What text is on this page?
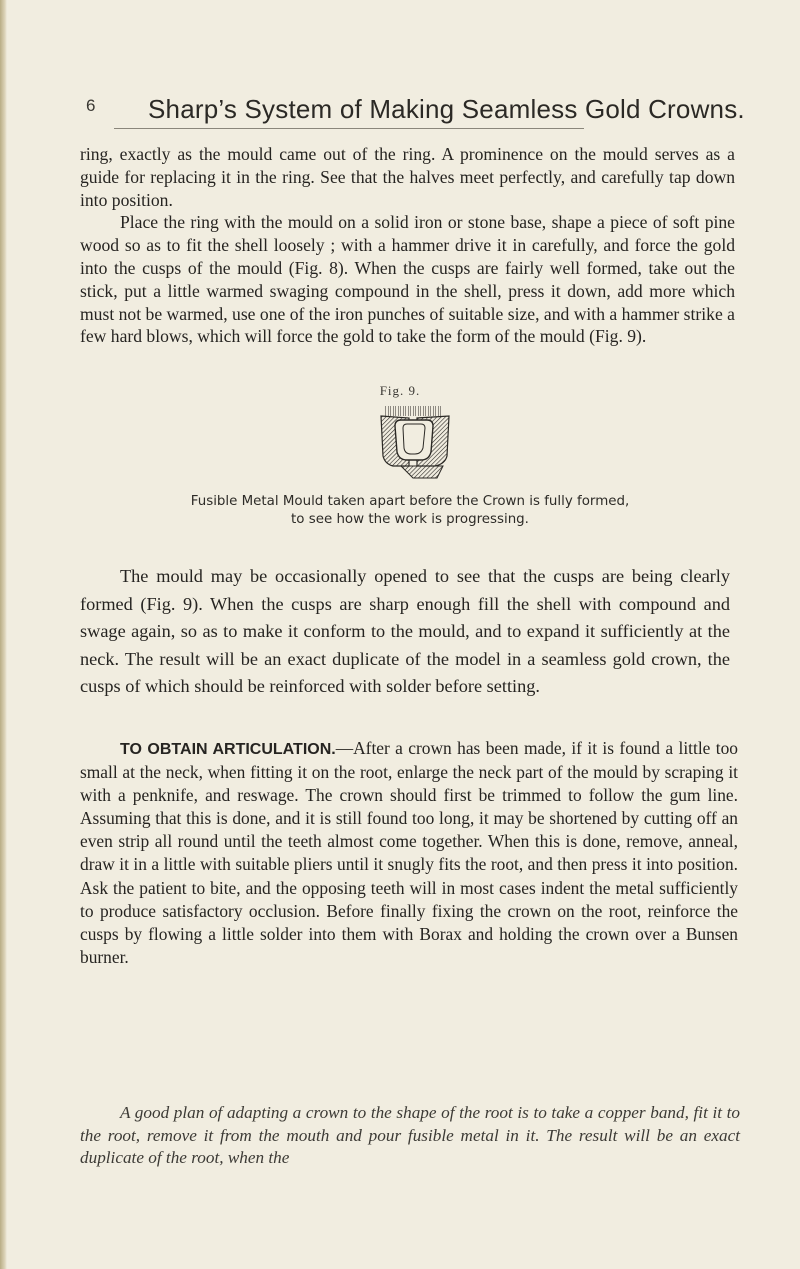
6 Sharp’s System of Making Seamless Gold Crowns.

ring, exactly as the mould came out of the ring. A prominence on the mould serves as a guide for replacing it in the ring. See that the halves meet perfectly, and carefully tap down into position.
Place the ring with the mould on a solid iron or stone base, shape a piece of soft pine wood so as to fit the shell loosely ; with a hammer drive it in carefully, and force the gold into the cusps of the mould (Fig. 8). When the cusps are fairly well formed, take out the stick, put a little warmed swaging compound in the shell, press it down, add more which must not be warmed, use one of the iron punches of suitable size, and with a hammer strike a few hard blows, which will force the gold to take the form of the mould (Fig. 9).

Fig. 9.
Fusible Metal Mould taken apart before the Crown is fully formed,
to see how the work is progressing.

The mould may be occasionally opened to see that the cusps are being clearly formed (Fig. 9). When the cusps are sharp enough fill the shell with compound and swage again, so as to make it conform to the mould, and to expand it sufficiently at the neck. The result will be an exact duplicate of the model in a seamless gold crown, the cusps of which should be reinforced with solder before setting.

TO OBTAIN ARTICULATION.—After a crown has been made, if it is found a little too small at the neck, when fitting it on the root, enlarge the neck part of the mould by scraping it with a penknife, and reswage. The crown should first be trimmed to follow the gum line. Assuming that this is done, and it is still found too long, it may be shortened by cutting off an even strip all round until the teeth almost come together. When this is done, remove, anneal, draw it in a little with suitable pliers until it snugly fits the root, and then press it into position. Ask the patient to bite, and the opposing teeth will in most cases indent the metal sufficiently to produce satisfactory occlusion. Before finally fixing the crown on the root, reinforce the cusps by flowing a little solder into them with Borax and holding the crown over a Bunsen burner.

A good plan of adapting a crown to the shape of the root is to take a copper band, fit it to the root, remove it from the mouth and pour fusible metal in it. The result will be an exact duplicate of the root, when the
